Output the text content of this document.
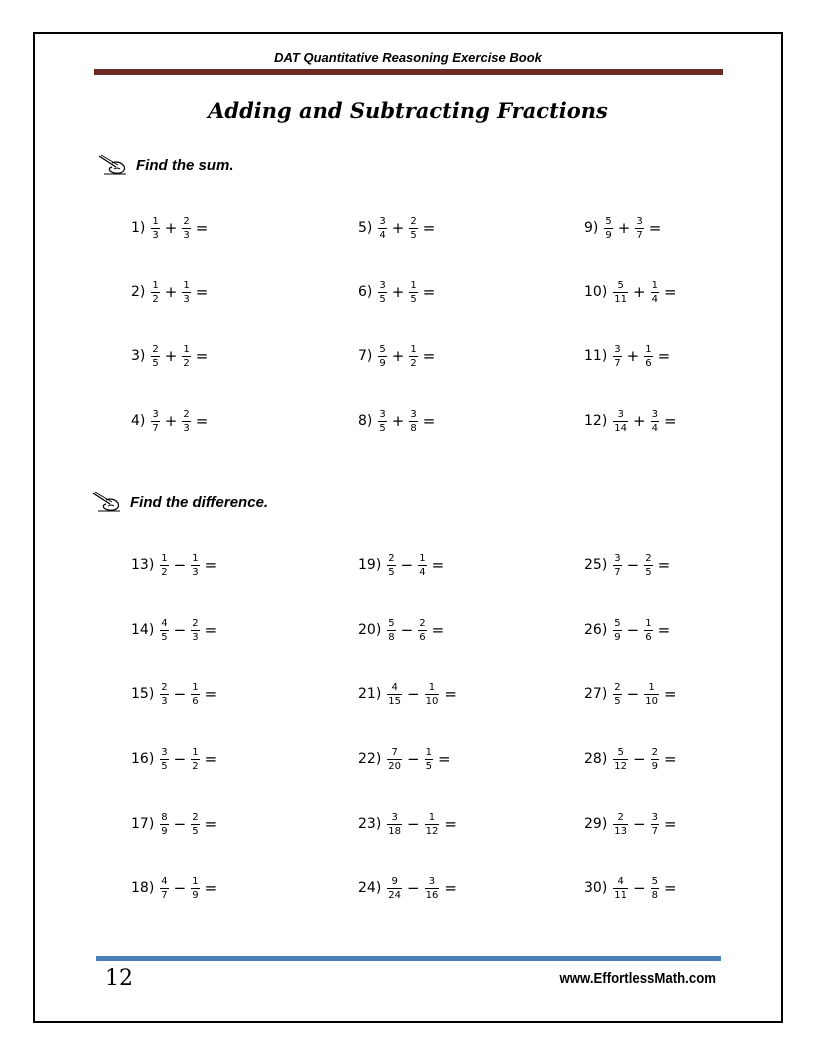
DAT Quantitative Reasoning Exercise Book
Adding and Subtracting Fractions
Find the sum.
Find the difference.
$1) \frac{1}{3} + \frac{2}{3}$ =
$2) \frac{1}{2} + \frac{1}{3}$ =
$3) \frac{2}{5} + \frac{1}{2}$ =
$4) \frac{3}{7} + \frac{2}{3}$ =
$5) \frac{3}{4} + \frac{2}{5}$ =
$6) \frac{3}{5} + \frac{1}{5}$ =
$7) \frac{5}{9} + \frac{1}{2}$ =
$8) \frac{3}{5} + \frac{3}{8}$ =
$9) \frac{5}{9} + \frac{3}{7}$ =
$10) \frac{5}{11} + \frac{1}{4}$ =
$11) \frac{3}{7} + \frac{1}{6}$ =
$12) \frac{3}{14} + \frac{3}{4}$ =
$13) \frac{1}{2} - \frac{1}{3}$ =
$14) \frac{4}{5} - \frac{2}{3}$ =
$15) \frac{2}{3} - \frac{1}{6}$ =
$16) \frac{3}{5} - \frac{1}{2}$ =
$17) \frac{8}{9} - \frac{2}{5}$ =
$18) \frac{4}{7} - \frac{1}{9}$ =
$19) \frac{2}{5} - \frac{1}{4}$ =
$20) \frac{5}{8} - \frac{2}{6}$ =
$21) \frac{4}{15} - \frac{1}{10}$ =
$22) \frac{7}{20} - \frac{1}{5}$ =
$23) \frac{3}{18} - \frac{1}{12}$ =
$24) \frac{9}{24} - \frac{3}{16}$ =
$25) \frac{3}{7} - \frac{2}{5}$ =
$26) \frac{5}{9} - \frac{1}{6}$ =
$27) \frac{2}{5} - \frac{1}{10}$ =
$28) \frac{5}{12} - \frac{2}{9}$ =
$29) \frac{2}{13} - \frac{3}{7}$ =
$30) \frac{4}{11} - \frac{5}{8}$ =
12	www.EffortlessMath.com
